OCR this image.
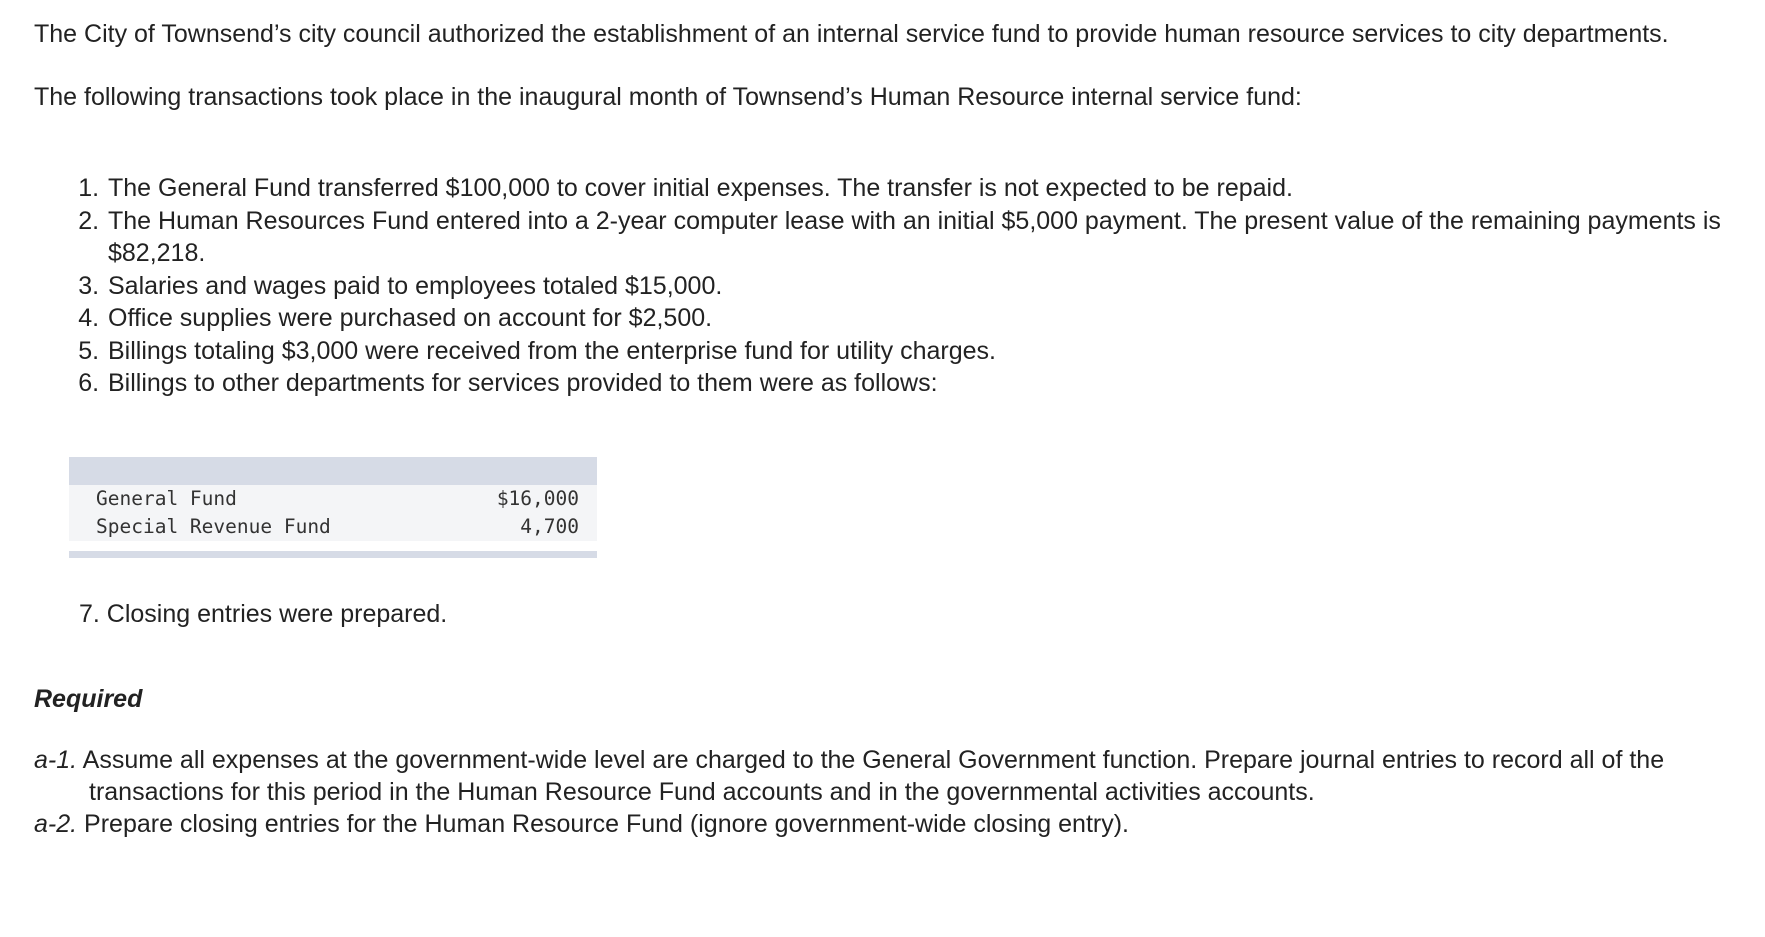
The City of Townsend’s city council authorized the establishment of an internal service fund to provide human resource services to city departments.

The following transactions took place in the inaugural month of Townsend’s Human Resource internal service fund:

1. The General Fund transferred $100,000 to cover initial expenses. The transfer is not expected to be repaid.
2. The Human Resources Fund entered into a 2-year computer lease with an initial $5,000 payment. The present value of the remaining payments is $82,218.
3. Salaries and wages paid to employees totaled $15,000.
4. Office supplies were purchased on account for $2,500.
5. Billings totaling $3,000 were received from the enterprise fund for utility charges.
6. Billings to other departments for services provided to them were as follows:
General Fund	$16,000
Special Revenue Fund	4,700
7. Closing entries were prepared.
Required
a-1. Assume all expenses at the government-wide level are charged to the General Government function. Prepare journal entries to record all of the transactions for this period in the Human Resource Fund accounts and in the governmental activities accounts.
a-2. Prepare closing entries for the Human Resource Fund (ignore government-wide closing entry).
